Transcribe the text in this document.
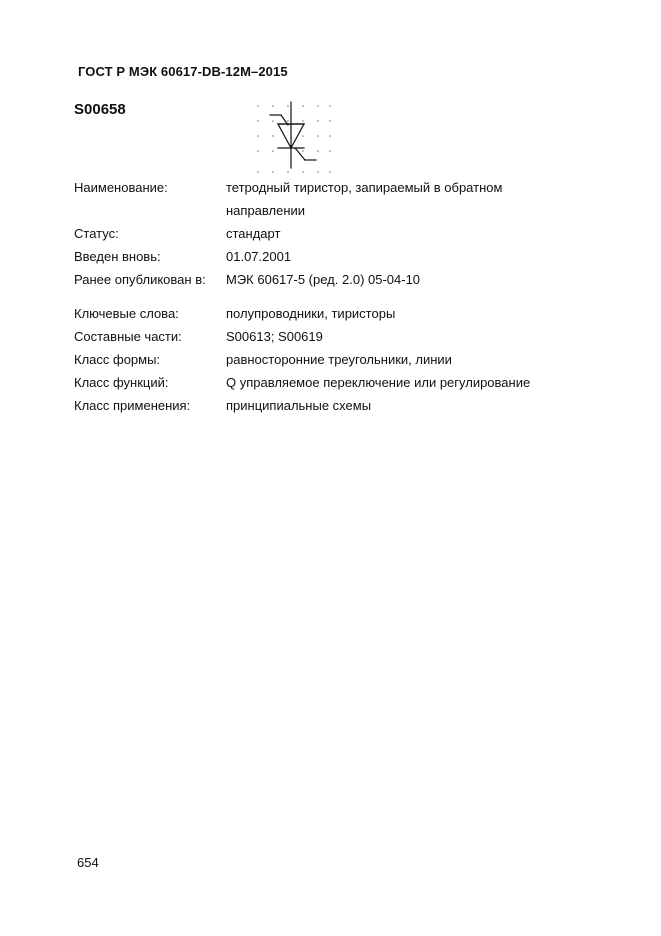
ГОСТ Р МЭК 60617-DB-12M–2015
S00658
Наименование:	тетродный тиристор, запираемый в обратном направлении
Статус:	стандарт
Введен вновь:	01.07.2001
Ранее опубликован в:	МЭК 60617-5 (ред. 2.0) 05-04-10
Ключевые слова:	полупроводники, тиристоры
Составные части:	S00613; S00619
Класс формы:	равносторонние треугольники, линии
Класс функций:	Q управляемое переключение или регулирование
Класс применения:	принципиальные схемы
654
